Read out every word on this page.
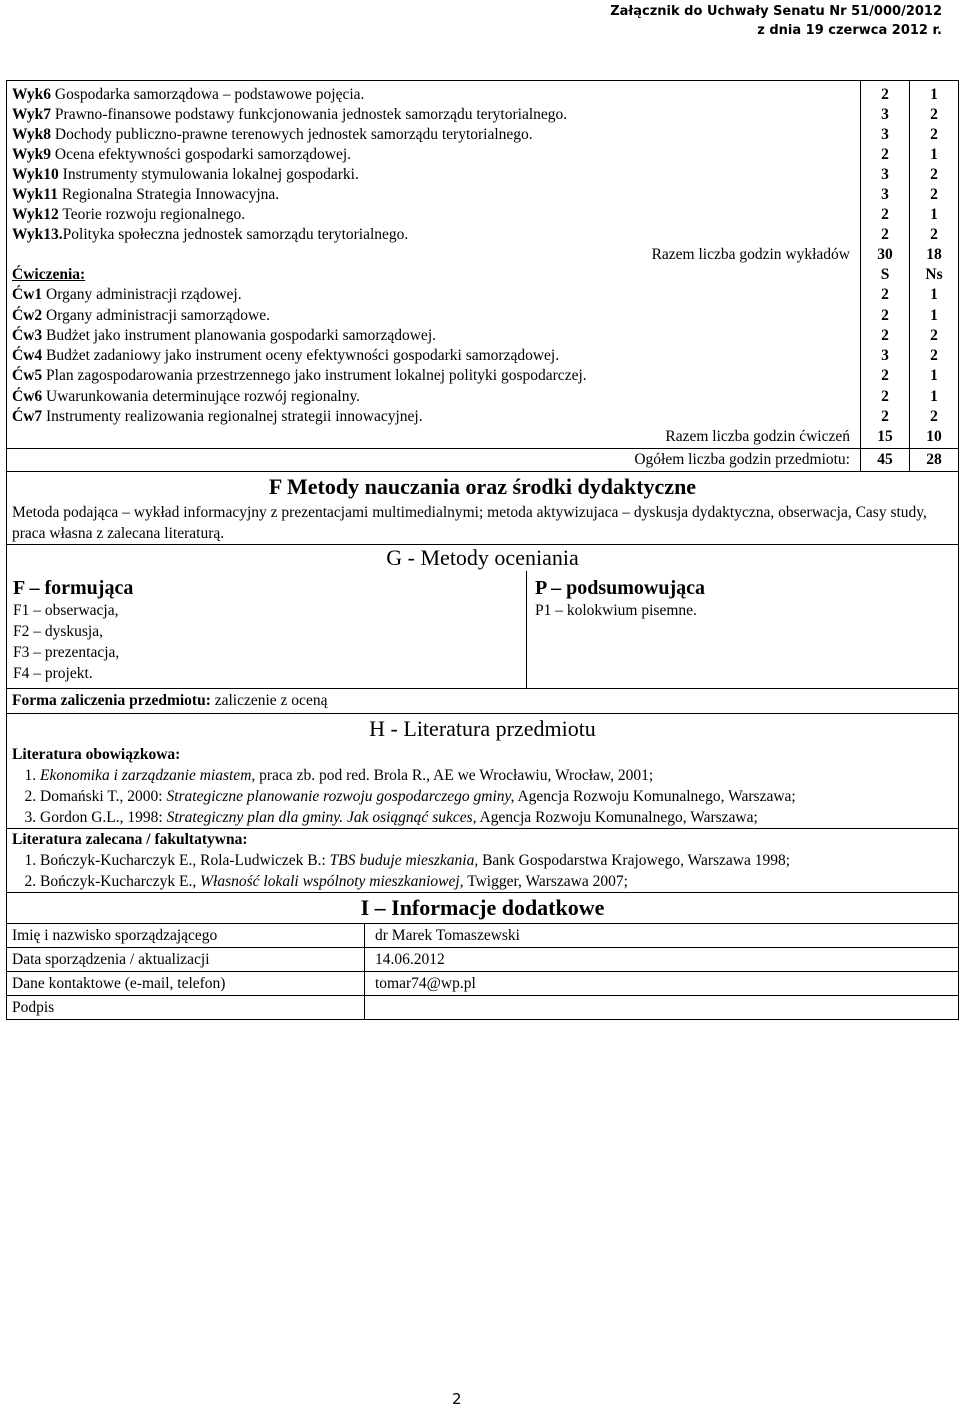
Załącznik do Uchwały Senatu Nr 51/000/2012
z dnia 19 czerwca 2012 r.
Wyk6 Gospodarka samorządowa – podstawowe pojęcia.	2	1
Wyk7 Prawno-finansowe podstawy funkcjonowania jednostek samorządu terytorialnego.	3	2
Wyk8 Dochody publiczno-prawne terenowych jednostek samorządu terytorialnego.	3	2
Wyk9 Ocena efektywności gospodarki samorządowej.	2	1
Wyk10 Instrumenty stymulowania lokalnej gospodarki.	3	2
Wyk11 Regionalna Strategia Innowacyjna.	3	2
Wyk12 Teorie rozwoju regionalnego.	2	1
Wyk13.Polityka społeczna jednostek samorządu terytorialnego.	2	2
Razem liczba godzin wykładów	30	18
Ćwiczenia:	S	Ns
Ćw1 Organy administracji rządowej.	2	1
Ćw2 Organy administracji samorządowe.	2	1
Ćw3 Budżet jako instrument planowania gospodarki samorządowej.	2	2
Ćw4 Budżet zadaniowy jako instrument oceny efektywności gospodarki samorządowej.	3	2
Ćw5 Plan zagospodarowania przestrzennego jako instrument lokalnej polityki gospodarczej.	2	1
Ćw6 Uwarunkowania determinujące rozwój regionalny.	2	1
Ćw7 Instrumenty realizowania regionalnej strategii innowacyjnej.	2	2
Razem liczba godzin ćwiczeń	15	10
Ogółem liczba godzin przedmiotu:	45	28
F Metody nauczania oraz środki dydaktyczne
Metoda podająca – wykład informacyjny z prezentacjami multimedialnymi; metoda aktywizujaca – dyskusja dydaktyczna, obserwacja, Casy study, praca własna z zalecana literaturą.
G - Metody oceniania
F – formująca
F1 – obserwacja,
F2 – dyskusja,
F3 – prezentacja,
F4 – projekt.
P – podsumowująca
P1 – kolokwium pisemne.
Forma zaliczenia przedmiotu: zaliczenie z oceną
H - Literatura przedmiotu
Literatura obowiązkowa:
1. Ekonomika i zarządzanie miastem, praca zb. pod red. Brola R., AE we Wrocławiu, Wrocław, 2001;
2. Domański T., 2000: Strategiczne planowanie rozwoju gospodarczego gminy, Agencja Rozwoju Komunalnego, Warszawa;
3. Gordon G.L., 1998: Strategiczny plan dla gminy. Jak osiągnąć sukces, Agencja Rozwoju Komunalnego, Warszawa;
Literatura zalecana / fakultatywna:
1. Bończyk-Kucharczyk E., Rola-Ludwiczek B.: TBS buduje mieszkania, Bank Gospodarstwa Krajowego, Warszawa 1998;
2. Bończyk-Kucharczyk E., Własność lokali wspólnoty mieszkaniowej, Twigger, Warszawa 2007;
I – Informacje dodatkowe
Imię i nazwisko sporządzającego	dr Marek Tomaszewski
Data sporządzenia / aktualizacji	14.06.2012
Dane kontaktowe (e-mail, telefon)	tomar74@wp.pl
Podpis
2
